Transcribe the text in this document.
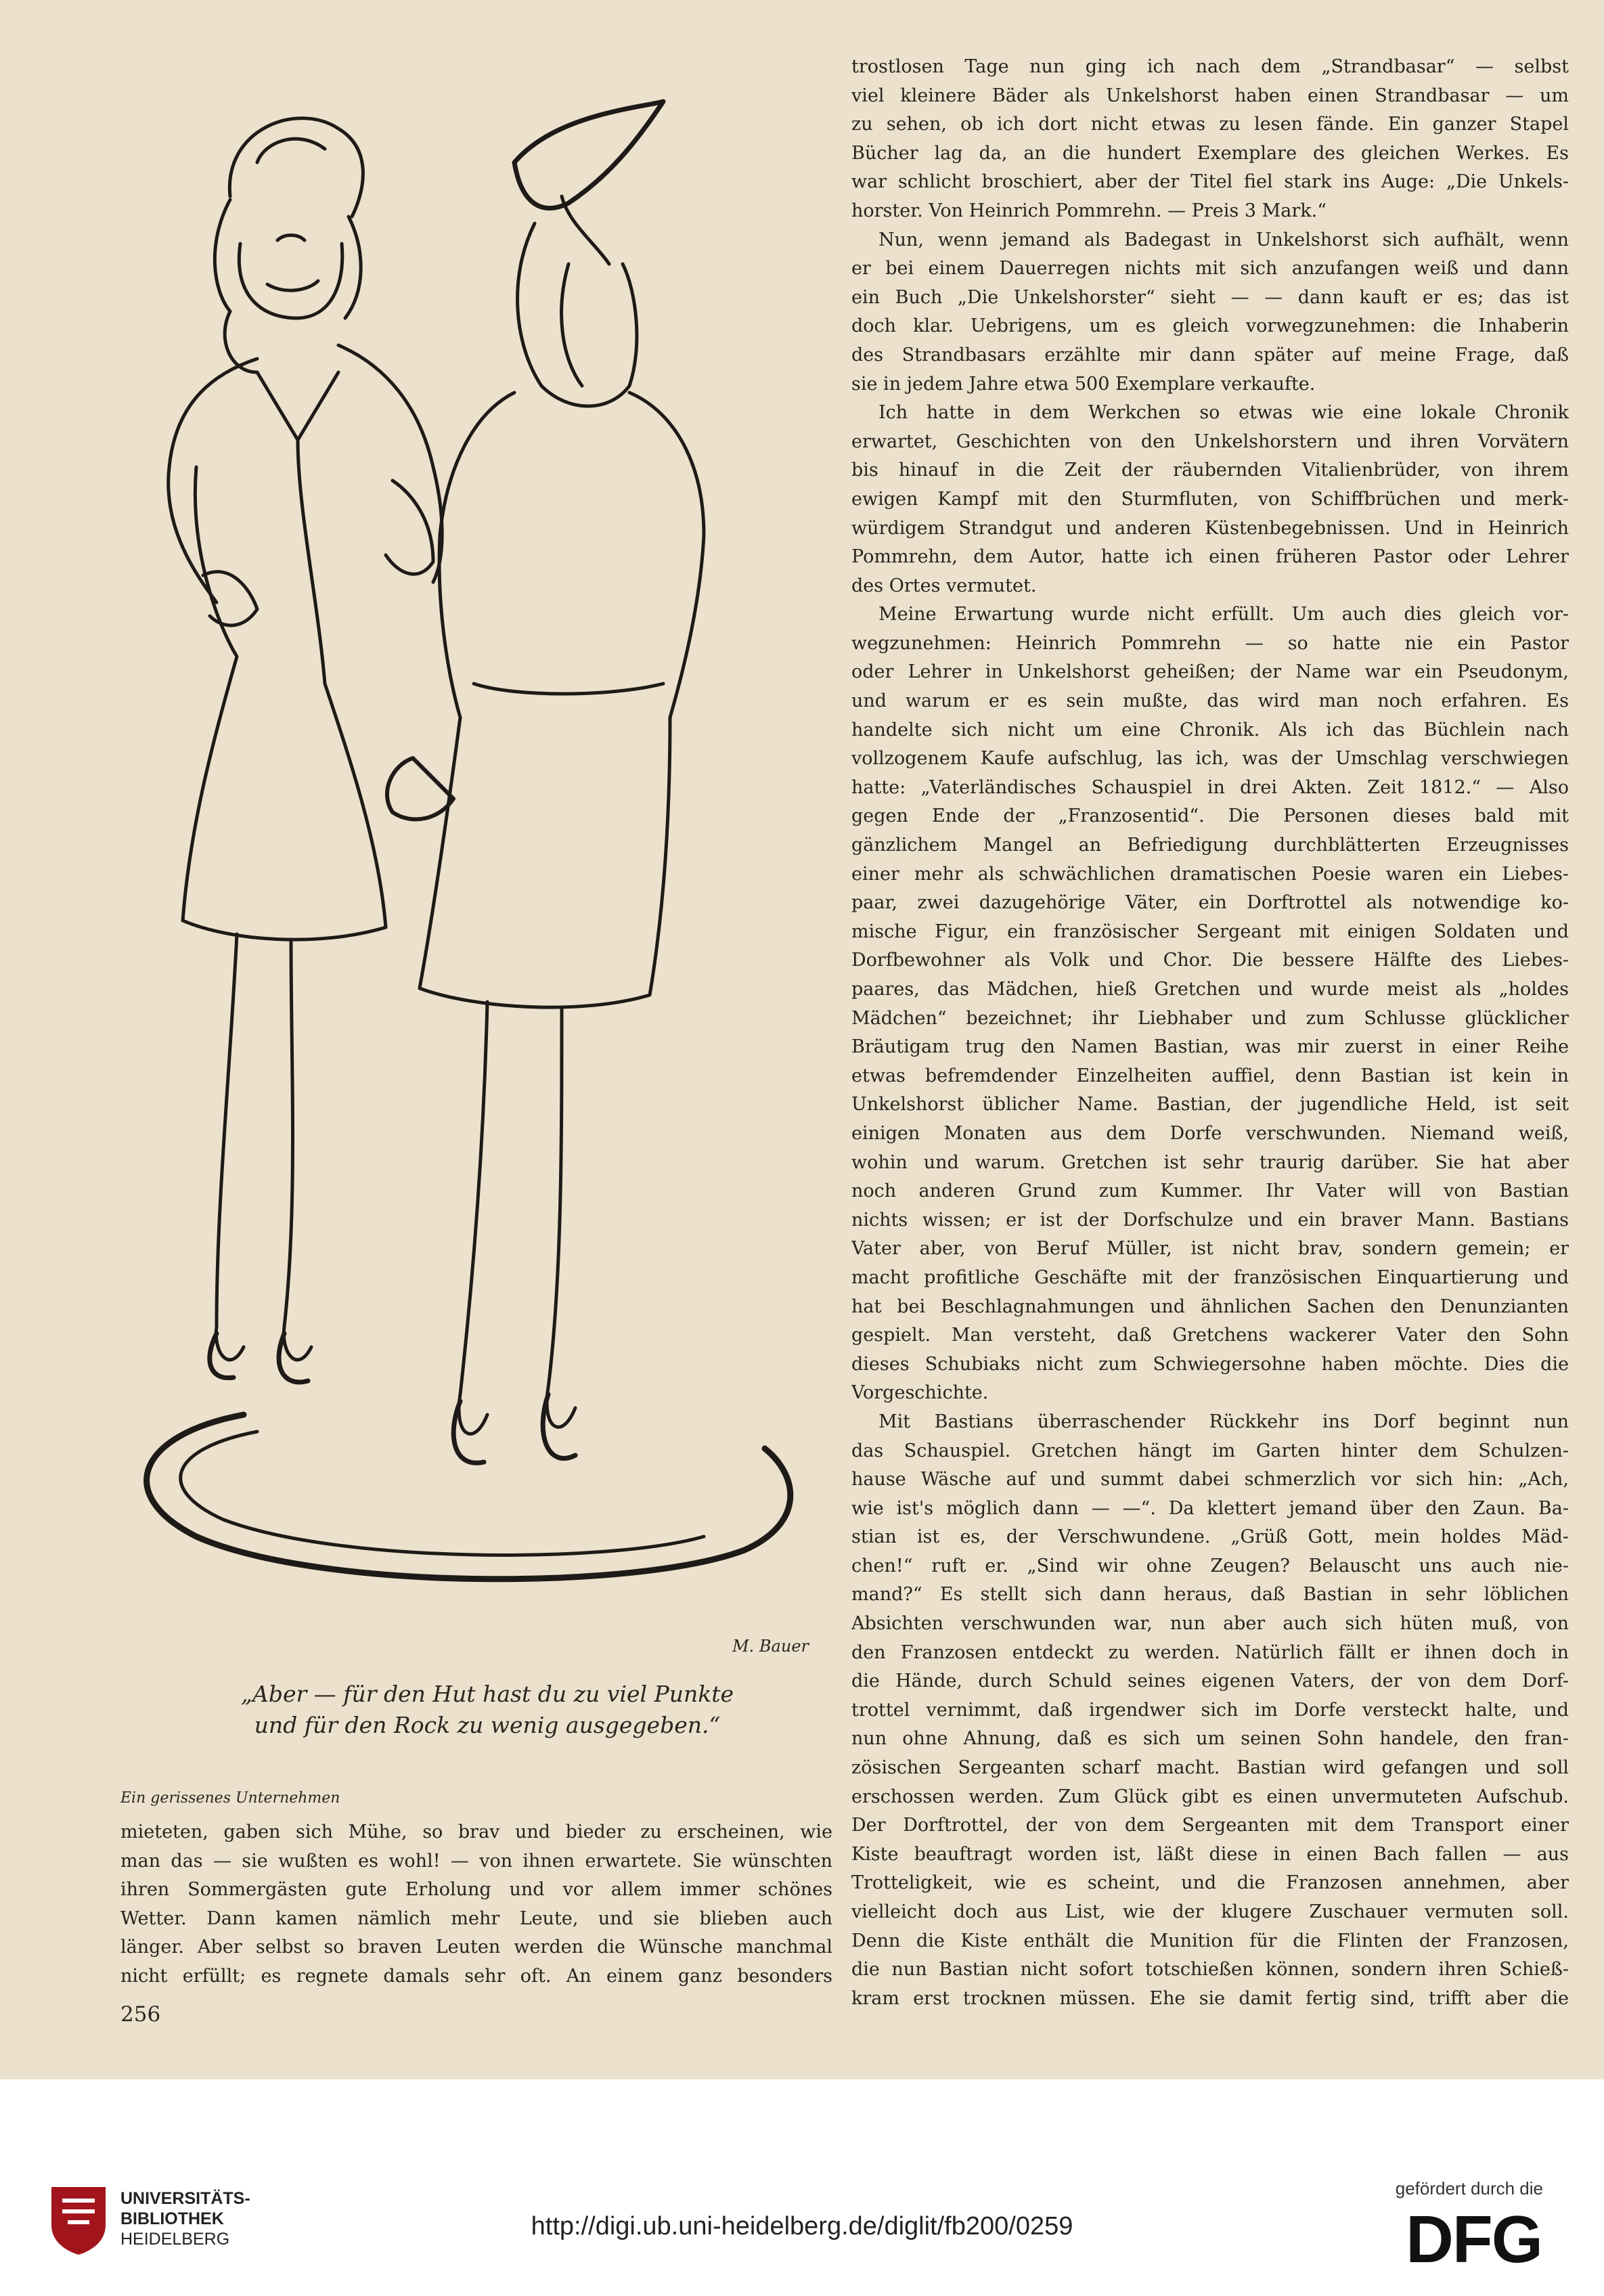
M. Bauer
„Aber — für den Hut hast du zu viel Punkte
und für den Rock zu wenig ausgegeben.“
Ein gerissenes Unternehmen
mieteten, gaben sich Mühe, so brav und bieder zu erscheinen, wie
man das — sie wußten es wohl! — von ihnen erwartete. Sie wünschten
ihren Sommergästen gute Erholung und vor allem immer schönes
Wetter. Dann kamen nämlich mehr Leute, und sie blieben auch
länger. Aber selbst so braven Leuten werden die Wünsche manchmal
nicht erfüllt; es regnete damals sehr oft. An einem ganz besonders
256
trostlosen Tage nun ging ich nach dem „Strandbasar“ — selbst
viel kleinere Bäder als Unkelshorst haben einen Strandbasar — um
zu sehen, ob ich dort nicht etwas zu lesen fände. Ein ganzer Stapel
Bücher lag da, an die hundert Exemplare des gleichen Werkes. Es
war schlicht broschiert, aber der Titel fiel stark ins Auge: „Die Unkels-
horster. Von Heinrich Pommrehn. — Preis 3 Mark.“
Nun, wenn jemand als Badegast in Unkelshorst sich aufhält, wenn
er bei einem Dauerregen nichts mit sich anzufangen weiß und dann
ein Buch „Die Unkelshorster“ sieht — — dann kauft er es; das ist
doch klar. Uebrigens, um es gleich vorwegzunehmen: die Inhaberin
des Strandbasars erzählte mir dann später auf meine Frage, daß
sie in jedem Jahre etwa 500 Exemplare verkaufte.
Ich hatte in dem Werkchen so etwas wie eine lokale Chronik
erwartet, Geschichten von den Unkelshorstern und ihren Vorvätern
bis hinauf in die Zeit der räubernden Vitalienbrüder, von ihrem
ewigen Kampf mit den Sturmfluten, von Schiffbrüchen und merk-
würdigem Strandgut und anderen Küstenbegebnissen. Und in Heinrich
Pommrehn, dem Autor, hatte ich einen früheren Pastor oder Lehrer
des Ortes vermutet.
Meine Erwartung wurde nicht erfüllt. Um auch dies gleich vor-
wegzunehmen: Heinrich Pommrehn — so hatte nie ein Pastor
oder Lehrer in Unkelshorst geheißen; der Name war ein Pseudonym,
und warum er es sein mußte, das wird man noch erfahren. Es
handelte sich nicht um eine Chronik. Als ich das Büchlein nach
vollzogenem Kaufe aufschlug, las ich, was der Umschlag verschwiegen
hatte: „Vaterländisches Schauspiel in drei Akten. Zeit 1812.“ — Also
gegen Ende der „Franzosentid“. Die Personen dieses bald mit
gänzlichem Mangel an Befriedigung durchblätterten Erzeugnisses
einer mehr als schwächlichen dramatischen Poesie waren ein Liebes-
paar, zwei dazugehörige Väter, ein Dorftrottel als notwendige ko-
mische Figur, ein französischer Sergeant mit einigen Soldaten und
Dorfbewohner als Volk und Chor. Die bessere Hälfte des Liebes-
paares, das Mädchen, hieß Gretchen und wurde meist als „holdes
Mädchen“ bezeichnet; ihr Liebhaber und zum Schlusse glücklicher
Bräutigam trug den Namen Bastian, was mir zuerst in einer Reihe
etwas befremdender Einzelheiten auffiel, denn Bastian ist kein in
Unkelshorst üblicher Name. Bastian, der jugendliche Held, ist seit
einigen Monaten aus dem Dorfe verschwunden. Niemand weiß,
wohin und warum. Gretchen ist sehr traurig darüber. Sie hat aber
noch anderen Grund zum Kummer. Ihr Vater will von Bastian
nichts wissen; er ist der Dorfschulze und ein braver Mann. Bastians
Vater aber, von Beruf Müller, ist nicht brav, sondern gemein; er
macht profitliche Geschäfte mit der französischen Einquartierung und
hat bei Beschlagnahmungen und ähnlichen Sachen den Denunzianten
gespielt. Man versteht, daß Gretchens wackerer Vater den Sohn
dieses Schubiaks nicht zum Schwiegersohne haben möchte. Dies die
Vorgeschichte.
Mit Bastians überraschender Rückkehr ins Dorf beginnt nun
das Schauspiel. Gretchen hängt im Garten hinter dem Schulzen-
hause Wäsche auf und summt dabei schmerzlich vor sich hin: „Ach,
wie ist's möglich dann — —“. Da klettert jemand über den Zaun. Ba-
stian ist es, der Verschwundene. „Grüß Gott, mein holdes Mäd-
chen!“ ruft er. „Sind wir ohne Zeugen? Belauscht uns auch nie-
mand?“ Es stellt sich dann heraus, daß Bastian in sehr löblichen
Absichten verschwunden war, nun aber auch sich hüten muß, von
den Franzosen entdeckt zu werden. Natürlich fällt er ihnen doch in
die Hände, durch Schuld seines eigenen Vaters, der von dem Dorf-
trottel vernimmt, daß irgendwer sich im Dorfe versteckt halte, und
nun ohne Ahnung, daß es sich um seinen Sohn handele, den fran-
zösischen Sergeanten scharf macht. Bastian wird gefangen und soll
erschossen werden. Zum Glück gibt es einen unvermuteten Aufschub.
Der Dorftrottel, der von dem Sergeanten mit dem Transport einer
Kiste beauftragt worden ist, läßt diese in einen Bach fallen — aus
Trotteligkeit, wie es scheint, und die Franzosen annehmen, aber
vielleicht doch aus List, wie der klugere Zuschauer vermuten soll.
Denn die Kiste enthält die Munition für die Flinten der Franzosen,
die nun Bastian nicht sofort totschießen können, sondern ihren Schieß-
kram erst trocknen müssen. Ehe sie damit fertig sind, trifft aber die
UNIVERSITÄTS-
BIBLIOTHEK
HEIDELBERG	http://digi.ub.uni-heidelberg.de/diglit/fb200/0259
gefördert durch die
DFG
